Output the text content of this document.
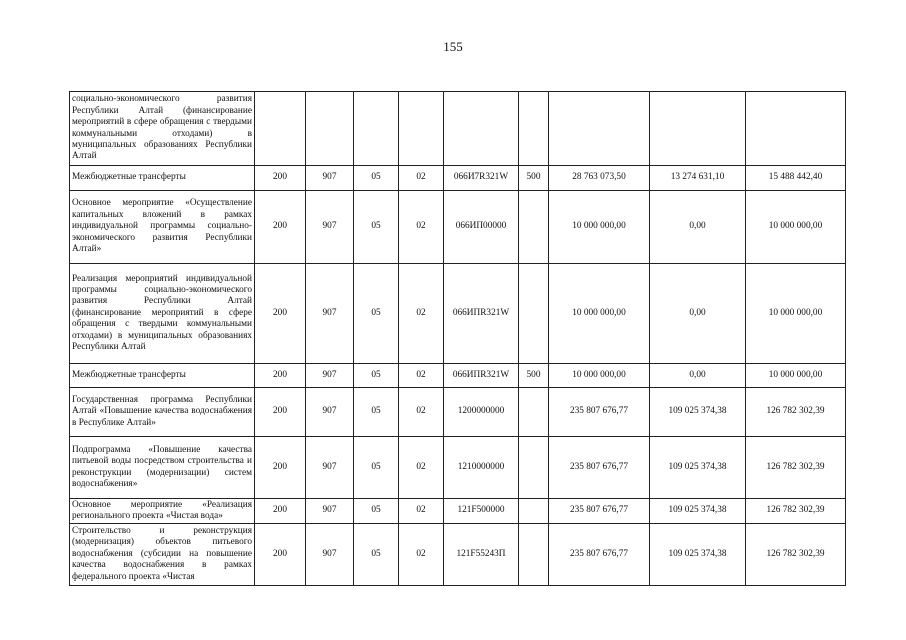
155
социально-экономического развития Республики Алтай (финансирование мероприятий в сфере обращения с твердыми коммунальными отходами) в муниципальных образованиях Республики Алтай									
Межбюджетные трансферты	200	907	05	02	066И7R321W	500	28 763 073,50	13 274 631,10	15 488 442,40
Основное мероприятие «Осуществление капитальных вложений в рамках индивидуальной программы социально-экономического развития Республики Алтай»	200	907	05	02	066ИП00000		10 000 000,00	0,00	10 000 000,00
Реализация мероприятий индивидуальной программы социально-экономического развития Республики Алтай (финансирование мероприятий в сфере обращения с твердыми коммунальными отходами) в муниципальных образованиях Республики Алтай	200	907	05	02	066ИПR321W		10 000 000,00	0,00	10 000 000,00
Межбюджетные трансферты	200	907	05	02	066ИПR321W	500	10 000 000,00	0,00	10 000 000,00
Государственная программа Республики Алтай «Повышение качества водоснабжения в Республике Алтай»	200	907	05	02	1200000000		235 807 676,77	109 025 374,38	126 782 302,39
Подпрограмма «Повышение качества питьевой воды посредством строительства и реконструкции (модернизации) систем водоснабжения»	200	907	05	02	1210000000		235 807 676,77	109 025 374,38	126 782 302,39
Основное мероприятие «Реализация регионального проекта «Чистая вода»	200	907	05	02	121F500000		235 807 676,77	109 025 374,38	126 782 302,39
Строительство и реконструкция (модернизация) объектов питьевого водоснабжения (субсидии на повышение качества водоснабжения в рамках федерального проекта «Чистая	200	907	05	02	121F55243П		235 807 676,77	109 025 374,38	126 782 302,39
